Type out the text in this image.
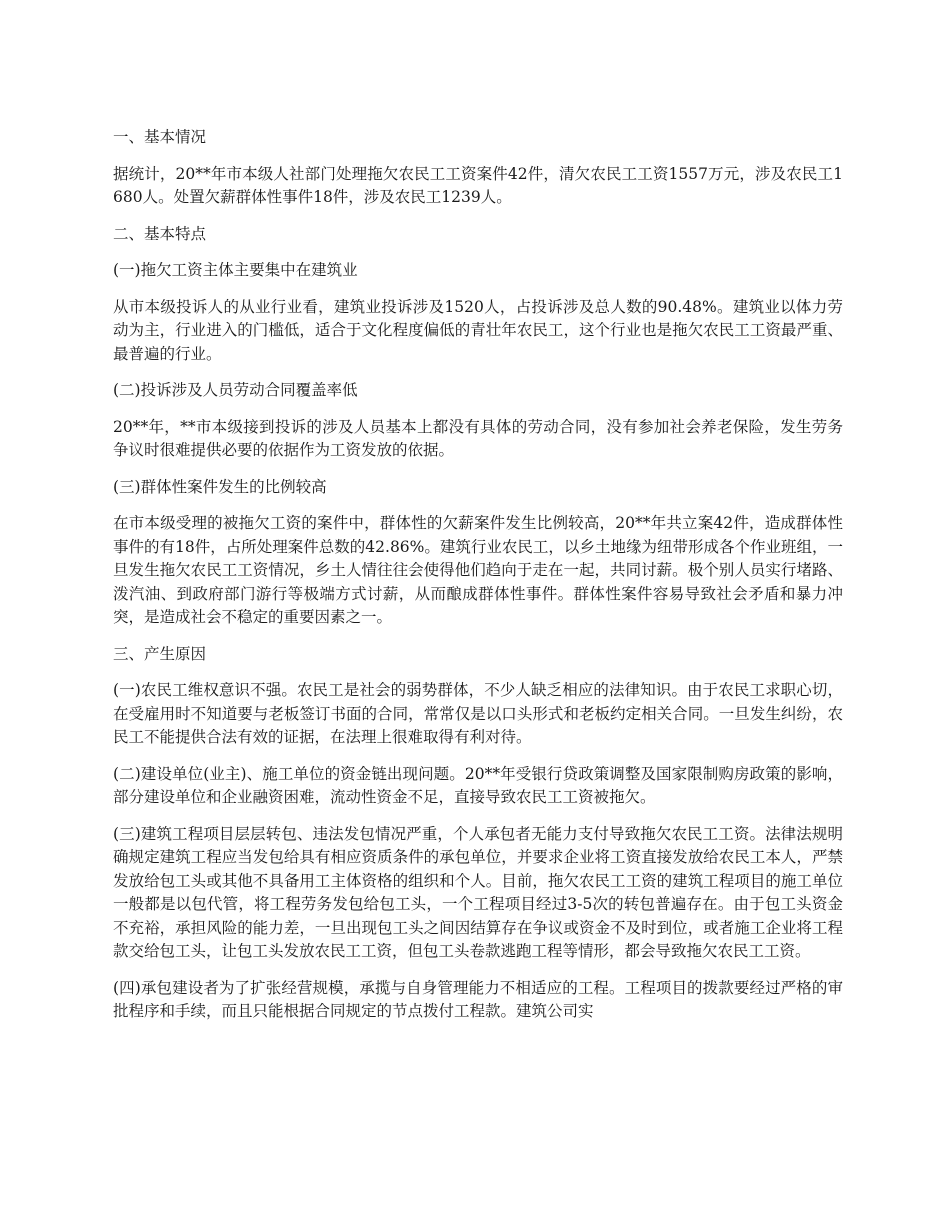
一、基本情况

据统计，20**年市本级人社部门处理拖欠农民工工资案件42件，清欠农民工工资1557万元，涉及农民工1680人。处置欠薪群体性事件18件，涉及农民工1239人。

二、基本特点

(一)拖欠工资主体主要集中在建筑业

从市本级投诉人的从业行业看，建筑业投诉涉及1520人，占投诉涉及总人数的90.48%。建筑业以体力劳动为主，行业进入的门槛低，适合于文化程度偏低的青壮年农民工，这个行业也是拖欠农民工工资最严重、最普遍的行业。

(二)投诉涉及人员劳动合同覆盖率低

20**年，**市本级接到投诉的涉及人员基本上都没有具体的劳动合同，没有参加社会养老保险，发生劳务争议时很难提供必要的依据作为工资发放的依据。

(三)群体性案件发生的比例较高

在市本级受理的被拖欠工资的案件中，群体性的欠薪案件发生比例较高，20**年共立案42件，造成群体性事件的有18件，占所处理案件总数的42.86%。建筑行业农民工，以乡土地缘为纽带形成各个作业班组，一旦发生拖欠农民工工资情况，乡土人情往往会使得他们趋向于走在一起，共同讨薪。极个别人员实行堵路、泼汽油、到政府部门游行等极端方式讨薪，从而酿成群体性事件。群体性案件容易导致社会矛盾和暴力冲突，是造成社会不稳定的重要因素之一。

三、产生原因

(一)农民工维权意识不强。农民工是社会的弱势群体，不少人缺乏相应的法律知识。由于农民工求职心切，在受雇用时不知道要与老板签订书面的合同，常常仅是以口头形式和老板约定相关合同。一旦发生纠纷，农民工不能提供合法有效的证据，在法理上很难取得有利对待。

(二)建设单位(业主)、施工单位的资金链出现问题。20**年受银行贷政策调整及国家限制购房政策的影响，部分建设单位和企业融资困难，流动性资金不足，直接导致农民工工资被拖欠。

(三)建筑工程项目层层转包、违法发包情况严重，个人承包者无能力支付导致拖欠农民工工资。法律法规明确规定建筑工程应当发包给具有相应资质条件的承包单位，并要求企业将工资直接发放给农民工本人，严禁发放给包工头或其他不具备用工主体资格的组织和个人。目前，拖欠农民工工资的建筑工程项目的施工单位一般都是以包代管，将工程劳务发包给包工头，一个工程项目经过3-5次的转包普遍存在。由于包工头资金不充裕，承担风险的能力差，一旦出现包工头之间因结算存在争议或资金不及时到位，或者施工企业将工程款交给包工头，让包工头发放农民工工资，但包工头卷款逃跑工程等情形，都会导致拖欠农民工工资。

(四)承包建设者为了扩张经营规模，承揽与自身管理能力不相适应的工程。工程项目的拨款要经过严格的审批程序和手续，而且只能根据合同规定的节点拨付工程款。建筑公司实
